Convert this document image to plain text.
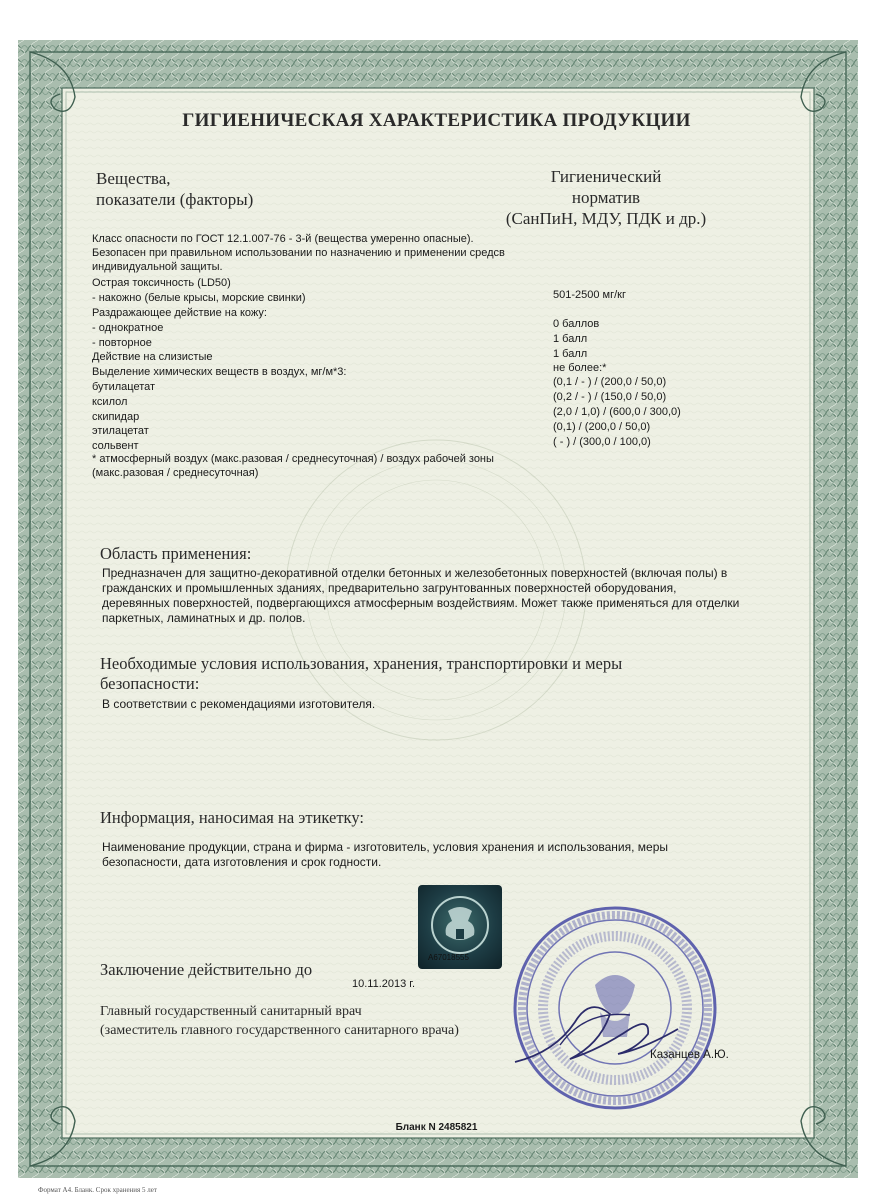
ГИГИЕНИЧЕСКАЯ ХАРАКТЕРИСТИКА ПРОДУКЦИИ
Вещества,
показатели (факторы)
Гигиенический
норматив
(СанПиН, МДУ, ПДК и др.)
Класс опасности по ГОСТ 12.1.007-76 - 3-й (вещества умеренно опасные).
Безопасен при правильном использовании по назначению и применении средсв
индивидуальной защиты.
Острая токсичность (LD50)
- накожно (белые крысы, морские свинки)
Раздражающее действие на кожу:
- однократное
- повторное
Действие на слизистые
Выделение химических веществ в воздух, мг/м*3:
бутилацетат
ксилол
скипидар
этилацетат
сольвент
* атмосферный воздух (макс.разовая / среднесуточная) / воздух рабочей зоны
(макс.разовая / среднесуточная)
501-2500 мг/кг
0 баллов
1 балл
1 балл
не более:*
(0,1 / - ) / (200,0 / 50,0)
(0,2 / - ) / (150,0 / 50,0)
(2,0 / 1,0) / (600,0 / 300,0)
(0,1) / (200,0 / 50,0)
( - ) / (300,0 / 100,0)
Область применения:
Предназначен для защитно-декоративной отделки бетонных и железобетонных поверхностей (включая полы) в гражданских и промышленных зданиях, предварительно загрунтованных поверхностей оборудования, деревянных поверхностей, подвергающихся атмосферным воздействиям. Может также применяться для отделки паркетных, ламинатных и др. полов.
Необходимые условия использования, хранения, транспортировки и меры
безопасности:
В соответствии с рекомендациями изготовителя.
Информация, наносимая на этикетку:
Наименование продукции, страна и фирма - изготовитель, условия хранения и использования, меры безопасности, дата изготовления и срок годности.
А67018555
Заключение действительно до
10.11.2013 г.
Главный государственный санитарный врач
(заместитель главного государственного санитарного врача)
Казанцев А.Ю.
Бланк N 2485821
Формат А4. Бланк. Срок хранения 5 лет
